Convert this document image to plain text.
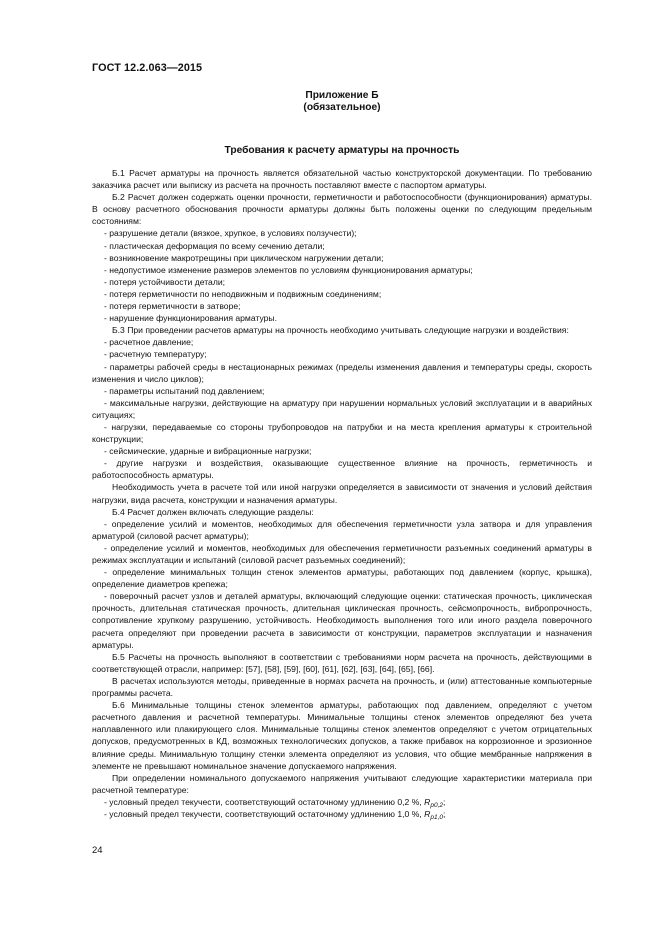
ГОСТ 12.2.063—2015
Приложение Б
(обязательное)
Требования к расчету арматуры на прочность

Б.1 Расчет арматуры на прочность является обязательной частью конструкторской документации. По требованию заказчика расчет или выписку из расчета на прочность поставляют вместе с паспортом арматуры.

Б.2 Расчет должен содержать оценки прочности, герметичности и работоспособности (функционирования) арматуры. В основу расчетного обоснования прочности арматуры должны быть положены оценки по следующим предельным состояниям:

- разрушение детали (вязкое, хрупкое, в условиях ползучести);

- пластическая деформация по всему сечению детали;

- возникновение макротрещины при циклическом нагружении детали;

- недопустимое изменение размеров элементов по условиям функционирования арматуры;

- потеря устойчивости детали;

- потеря герметичности по неподвижным и подвижным соединениям;

- потеря герметичности в затворе;

- нарушение функционирования арматуры.

Б.3 При проведении расчетов арматуры на прочность необходимо учитывать следующие нагрузки и воздействия:

- расчетное давление;

- расчетную температуру;

- параметры рабочей среды в нестационарных режимах (пределы изменения давления и температуры среды, скорость изменения и число циклов);

- параметры испытаний под давлением;

- максимальные нагрузки, действующие на арматуру при нарушении нормальных условий эксплуатации и в аварийных ситуациях;

- нагрузки, передаваемые со стороны трубопроводов на патрубки и на места крепления арматуры к строительной конструкции;

- сейсмические, ударные и вибрационные нагрузки;

- другие нагрузки и воздействия, оказывающие существенное влияние на прочность, герметичность и работоспособность арматуры.

Необходимость учета в расчете той или иной нагрузки определяется в зависимости от значения и условий действия нагрузки, вида расчета, конструкции и назначения арматуры.

Б.4 Расчет должен включать следующие разделы:

- определение усилий и моментов, необходимых для обеспечения герметичности узла затвора и для управления арматурой (силовой расчет арматуры);

- определение усилий и моментов, необходимых для обеспечения герметичности разъемных соединений арматуры в режимах эксплуатации и испытаний (силовой расчет разъемных соединений);

- определение минимальных толщин стенок элементов арматуры, работающих под давлением (корпус, крышка), определение диаметров крепежа;

- поверочный расчет узлов и деталей арматуры, включающий следующие оценки: статическая прочность, циклическая прочность, длительная статическая прочность, длительная циклическая прочность, сейсмопрочность, вибропрочность, сопротивление хрупкому разрушению, устойчивость. Необходимость выполнения того или иного раздела поверочного расчета определяют при проведении расчета в зависимости от конструкции, параметров эксплуатации и назначения арматуры.

Б.5 Расчеты на прочность выполняют в соответствии с требованиями норм расчета на прочность, действующими в соответствующей отрасли, например: [57], [58], [59], [60], [61], [62], [63], [64], [65], [66].

В расчетах используются методы, приведенные в нормах расчета на прочность, и (или) аттестованные компьютерные программы расчета.

Б.6 Минимальные толщины стенок элементов арматуры, работающих под давлением, определяют с учетом расчетного давления и расчетной температуры. Минимальные толщины стенок элементов определяют без учета наплавленного или плакирующего слоя. Минимальные толщины стенок элементов определяют с учетом отрицательных допусков, предусмотренных в КД, возможных технологических допусков, а также прибавок на коррозионное и эрозионное влияние среды. Минимальную толщину стенки элемента определяют из условия, что общие мембранные напряжения в элементе не превышают номинальное значение допускаемого напряжения.

При определении номинального допускаемого напряжения учитывают следующие характеристики материала при расчетной температуре:

- условный предел текучести, соответствующий остаточному удлинению 0,2 %, $R_{p0,2}$;

- условный предел текучести, соответствующий остаточному удлинению 1,0 %, $R_{p1,0}$;

24
